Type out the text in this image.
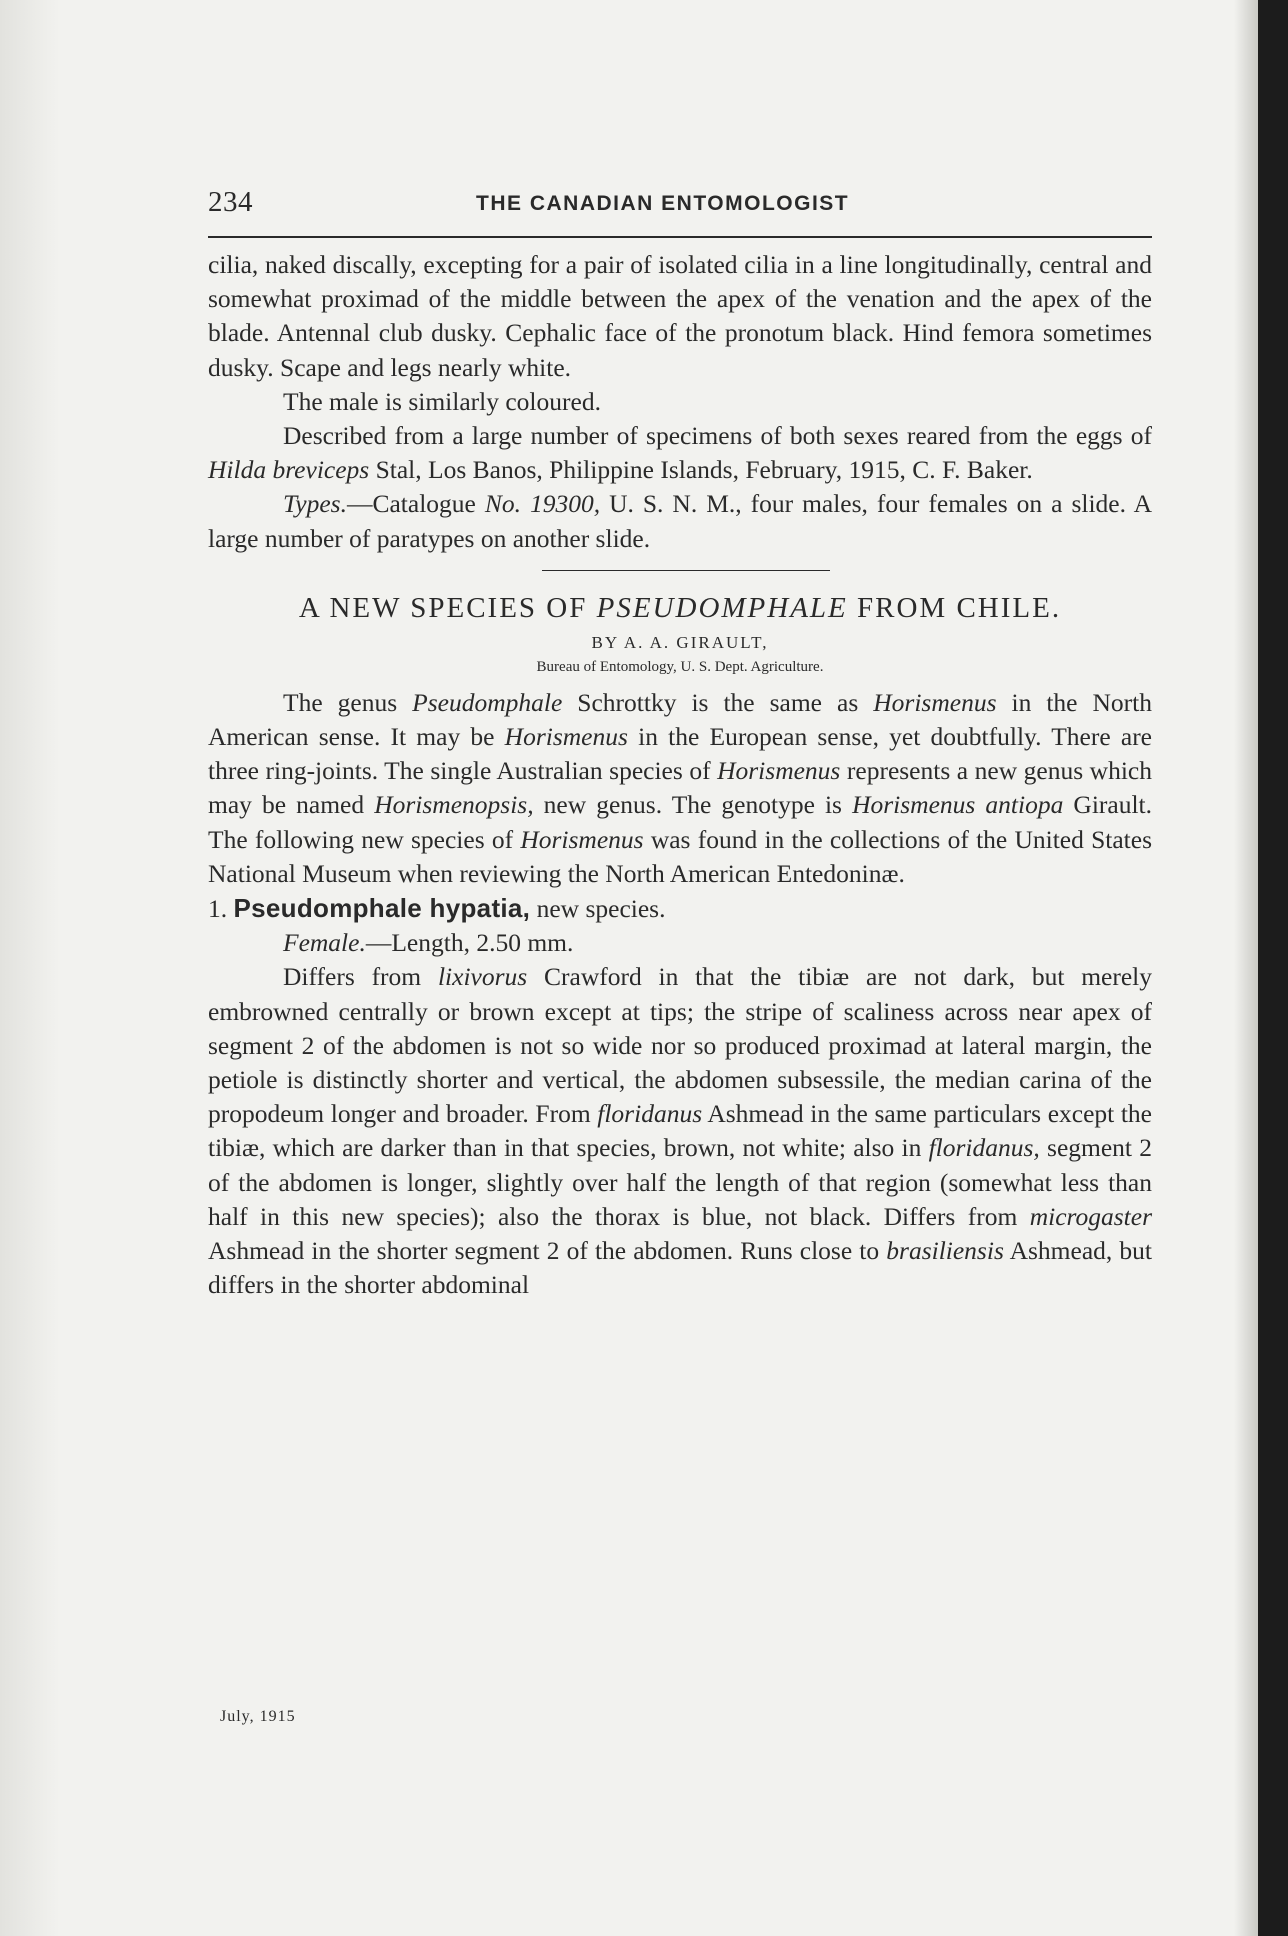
234	THE CANADIAN ENTOMOLOGIST

cilia, naked discally, excepting for a pair of isolated cilia in a line longitudinally, central and somewhat proximad of the middle between the apex of the venation and the apex of the blade. Antennal club dusky. Cephalic face of the pronotum black. Hind femora sometimes dusky. Scape and legs nearly white.

The male is similarly coloured.

Described from a large number of specimens of both sexes reared from the eggs of Hilda breviceps Stal, Los Banos, Philippine Islands, February, 1915, C. F. Baker.

Types.—Catalogue No. 19300, U. S. N. M., four males, four females on a slide. A large number of paratypes on another slide.

A NEW SPECIES OF PSEUDOMPHALE FROM CHILE.
BY A. A. GIRAULT,
Bureau of Entomology, U. S. Dept. Agriculture.

The genus Pseudomphale Schrottky is the same as Horismenus in the North American sense. It may be Horismenus in the European sense, yet doubtfully. There are three ring-joints. The single Australian species of Horismenus represents a new genus which may be named Horismenopsis, new genus. The genotype is Horismenus antiopa Girault. The following new species of Horismenus was found in the collections of the United States National Museum when reviewing the North American Entedoninæ.

1. Pseudomphale hypatia, new species.

Female.—Length, 2.50 mm.

Differs from lixivorus Crawford in that the tibiæ are not dark, but merely embrowned centrally or brown except at tips; the stripe of scaliness across near apex of segment 2 of the abdomen is not so wide nor so produced proximad at lateral margin, the petiole is distinctly shorter and vertical, the abdomen subsessile, the median carina of the propodeum longer and broader. From floridanus Ashmead in the same particulars except the tibiæ, which are darker than in that species, brown, not white; also in floridanus, segment 2 of the abdomen is longer, slightly over half the length of that region (somewhat less than half in this new species); also the thorax is blue, not black. Differs from microgaster Ashmead in the shorter segment 2 of the abdomen. Runs close to brasiliensis Ashmead, but differs in the shorter abdominal

July, 1915
